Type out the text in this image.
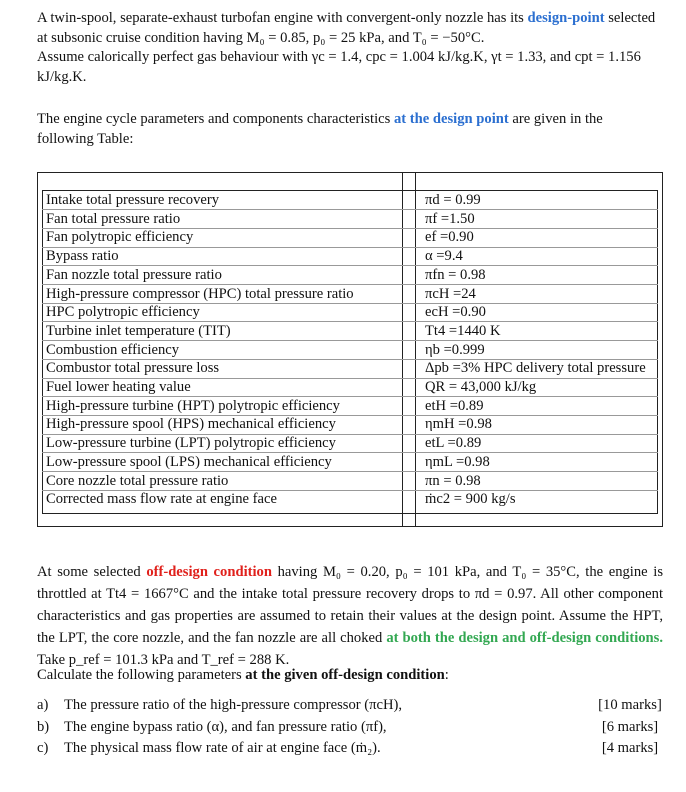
A twin-spool, separate-exhaust turbofan engine with convergent-only nozzle has its design-point selected at subsonic cruise condition having M₀ = 0.85, p₀ = 25 kPa, and T₀ = −50°C.
Assume calorically perfect gas behaviour with γc = 1.4, cpc = 1.004 kJ/kg.K, γt = 1.33, and cpt = 1.156 kJ/kg.K.
The engine cycle parameters and components characteristics at the design point are given in the following Table:
Intake total pressure recovery	πd = 0.99
Fan total pressure ratio	πf =1.50
Fan polytropic efficiency	ef =0.90
Bypass ratio	α =9.4
Fan nozzle total pressure ratio	πfn = 0.98
High-pressure compressor (HPC) total pressure ratio	πcH =24
HPC polytropic efficiency	ecH =0.90
Turbine inlet temperature (TIT)	Tt4 =1440 K
Combustion efficiency	ηb =0.999
Combustor total pressure loss	Δpb =3% HPC delivery total pressure
Fuel lower heating value	QR = 43,000 kJ/kg
High-pressure turbine (HPT) polytropic efficiency	etH =0.89
High-pressure spool (HPS) mechanical efficiency	ηmH =0.98
Low-pressure turbine (LPT) polytropic efficiency	etL =0.89
Low-pressure spool (LPS) mechanical efficiency	ηmL =0.98
Core nozzle total pressure ratio	πn = 0.98
Corrected mass flow rate at engine face	ṁc2 = 900 kg/s
At some selected off-design condition having M₀ = 0.20, p₀ = 101 kPa, and T₀ = 35°C, the engine is throttled at Tt4 = 1667°C and the intake total pressure recovery drops to πd = 0.97. All other component characteristics and gas properties are assumed to retain their values at the design point. Assume the HPT, the LPT, the core nozzle, and the fan nozzle are all choked at both the design and off-design conditions. Take p_ref = 101.3 kPa and T_ref = 288 K.
Calculate the following parameters at the given off-design condition:
a) The pressure ratio of the high-pressure compressor (πcH),	[10 marks]
b) The engine bypass ratio (α), and fan pressure ratio (πf),	[6 marks]
c) The physical mass flow rate of air at engine face (ṁ₂).	[4 marks]
